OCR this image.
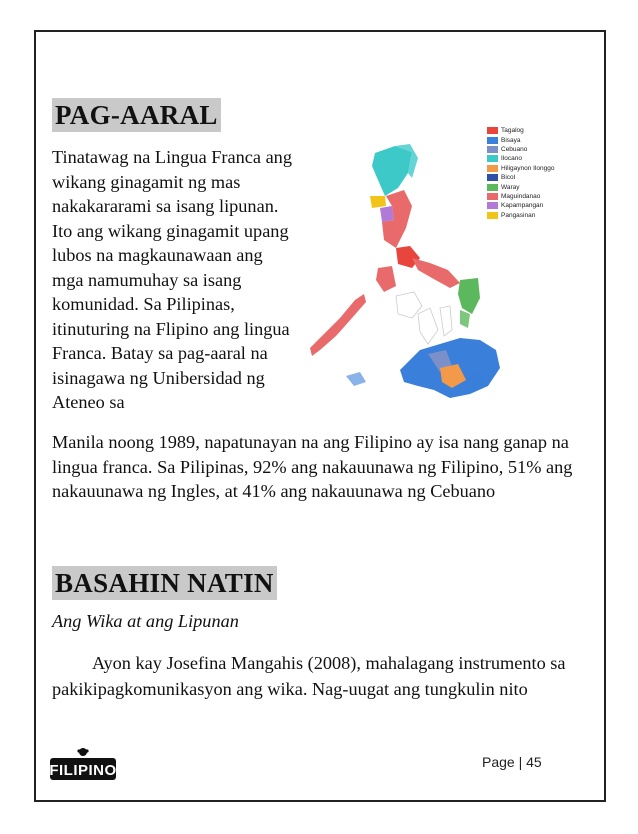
PAG-AARAL

Tinatawag na Lingua Franca ang wikang ginagamit ng mas nakakararami sa isang lipunan. Ito ang wikang ginagamit upang lubos na magkaunawaan ang mga namumuhay sa isang komunidad. Sa Pilipinas, itinuturing na Flipino ang lingua Franca. Batay sa pag-aaral na isinagawa ng Unibersidad ng Ateneo sa

Manila noong 1989, napatunayan na ang Filipino ay isa nang ganap na lingua franca. Sa Pilipinas, 92% ang nakauunawa ng Filipino, 51% ang nakauunawa ng Ingles, at 41% ang nakauunawa ng Cebuano

Tagalog
Bisaya
Cebuano
Ilocano
Hiligaynon Ilonggo
Bicol
Waray
Maguindanao
Kapampangan
Pangasinan
BASAHIN NATIN
Ang Wika at ang Lipunan

Ayon kay Josefina Mangahis (2008), mahalagang instrumento sa pakikipagkomunikasyon ang wika. Nag-uugat ang tungkulin nito

FILIPINO	Page | 45
